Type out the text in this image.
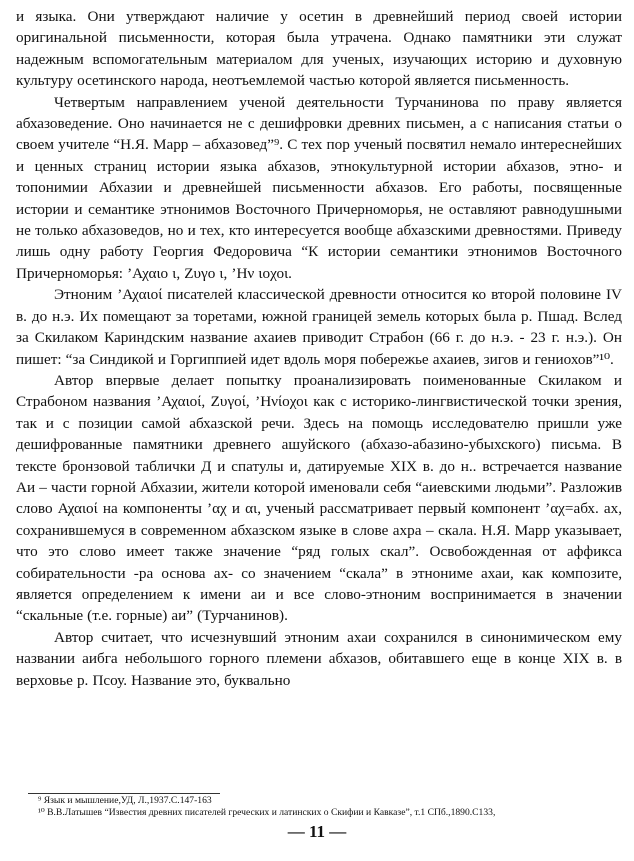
и языка. Они утверждают наличие у осетин в древнейший период своей истории оригинальной письменности, которая была утрачена. Однако памятники эти служат надежным вспомогательным материалом для ученых, изучающих историю и духовную культуру осетинского народа, неотъемлемой частью которой является письменность.

Четвертым направлением ученой деятельности Турчанинова по праву является абхазоведение. Оно начинается не с дешифровки древних письмен, а с написания статьи о своем учителе “Н.Я. Марр – абхазовед”⁹. С тех пор ученый посвятил немало интереснейших и ценных страниц истории языка абхазов, этнокультурной истории абхазов, этно- и топонимии Абхазии и древнейшей письменности абхазов. Его работы, посвященные истории и семантике этнонимов Восточного Причерноморья, не оставляют равнодушными не только абхазоведов, но и тех, кто интересуется вообще абхазскими древностями. Приведу лишь одну работу Георгия Федоровича “К истории семантики этнонимов Восточного Причерноморья: ’Αχαιο ι, Ζυγο ι, ’Ην ιοχοι.

Этноним ’Αχαιοί писателей классической древности относится ко второй половине IV в. до н.э. Их помещают за торетами, южной границей земель которых была р. Пшад. Вслед за Скилаком Кариндским название ахаиев приводит Страбон (66 г. до н.э. - 23 г. н.э.). Он пишет: “за Синдикой и Горгиппией идет вдоль моря побережье ахаиев, зигов и гениохов”¹⁰.

Автор впервые делает попытку проанализировать поименованные Скилаком и Страбоном названия ’Αχαιοί, Ζυγοί, ’Ηνίοχοι как с историко-лингвистической точки зрения, так и с позиции самой абхазской речи. Здесь на помощь исследователю пришли уже дешифрованные памятники древнего ашуйского (абхазо-абазино-убыхского) письма. В тексте бронзовой таблички Д и спатулы и, датируемые XIX в. до н.. встречается название Аи – части горной Абхазии, жители которой именовали себя “аиевскими людьми”. Разложив слово Αχαιοί на компоненты ’αχ и αι, ученый рассматривает первый компонент ’αχ=абх. ах, сохранившемуся в современном абхазском языке в слове ахра – скала. Н.Я. Марр указывает, что это слово имеет также значение “ряд голых скал”. Освобожденная от аффикса собирательности -ра основа ах- со значением “скала” в этнониме ахаи, как композите, является определением к имени аи и все слово-этноним воспринимается в значении “скальные (т.е. горные) аи” (Турчанинов).

Автор считает, что исчезнувший этноним ахаи сохранился в синонимическом ему названии аибга небольшого горного племени абхазов, обитавшего еще в конце XIX в. в верховье р. Псоу. Название это, буквально

⁹ Язык и мышление,УД, Л.,1937.С.147-163

¹⁰ В.В.Латышев “Известия древних писателей греческих и латинских о Скифии и Кавказе”, т.1 СПб.,1890.С133,

— 11 —
